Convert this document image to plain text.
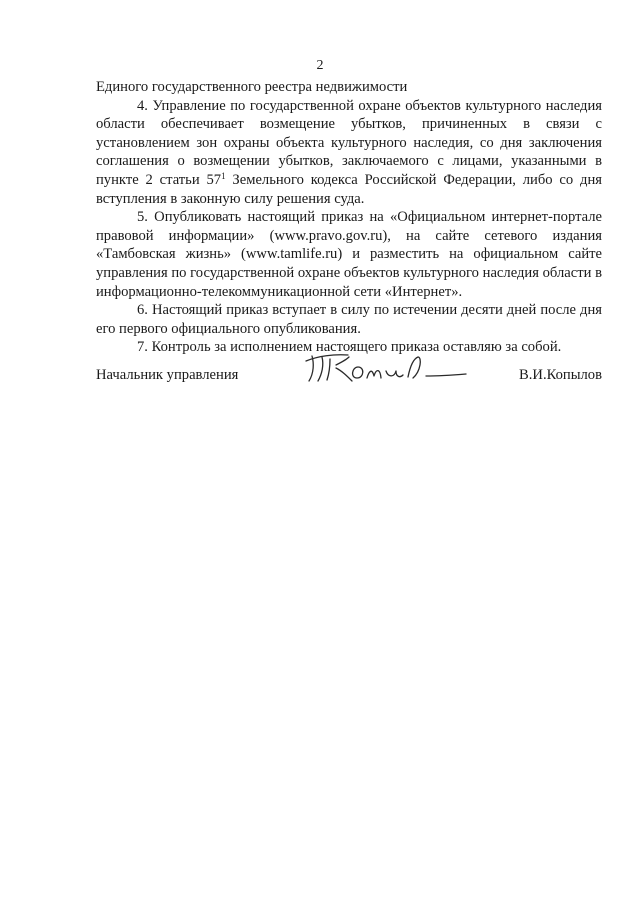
2

Единого государственного реестра недвижимости

4. Управление по государственной охране объектов культурного наследия области обеспечивает возмещение убытков, причиненных в связи с установлением зон охраны объекта культурного наследия, со дня заключения соглашения о возмещении убытков, заключаемого с лицами, указанными в пункте 2 статьи $57^1$ Земельного кодекса Российской Федерации, либо со дня вступления в законную силу решения суда.

5. Опубликовать настоящий приказ на «Официальном интернет-портале правовой информации» (www.pravo.gov.ru), на сайте сетевого издания «Тамбовская жизнь» (www.tamlife.ru) и разместить на официальном сайте управления по государственной охране объектов культурного наследия области в информационно-телекоммуникационной сети «Интернет».

6. Настоящий приказ вступает в силу по истечении десяти дней после дня его первого официального опубликования.

7. Контроль за исполнением настоящего приказа оставляю за собой.

Начальник управления	В.И.Копылов
